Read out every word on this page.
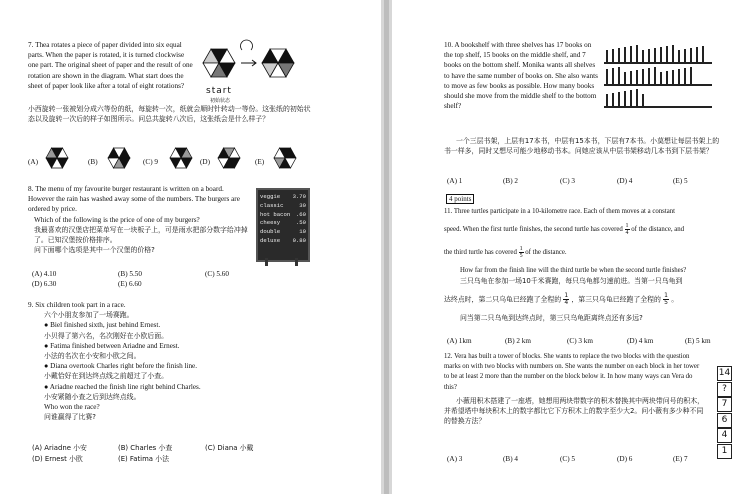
7. Thea rotates a piece of paper divided into six equal parts. When the paper is rotated, it is turned clockwise one part. The original sheet of paper and the result of one rotation are shown in the diagram. What start does the sheet of paper look like after a total of eight rotations?

start
初始状态

小西旋转一张被划分成六等份的纸，每旋转一次，纸就会顺时针转动一等份。这张纸的初始状态以及旋转一次后的样子如图所示。问总共旋转八次后，这张纸会是什么样子？

(A)	(B)	(C) 9	(D)	(E)

8. The menu of my favourite burger restaurant is written on a board. However the rain has washed away some of the numbers. The burgers are ordered by price.

Which of the following is the price of one of my burgers?

我最喜欢的汉堡店把菜单写在一块板子上，可是雨水把部分数字给冲掉了。已知汉堡按价格排序。

问下面哪个选项是其中一个汉堡的价格?

veggie 3.70
classic	30
hot bacon .60
cheesy	.50
double	10
deluxe 0.80
(A) 4.10	(B) 5.50	(C) 5.60
(D) 6.30	(E) 6.60

9. Six children took part in a race.

六个小朋友参加了一场赛跑。

● Biel finished sixth, just behind Ernest.

小贝得了第六名，名次刚好在小欧后面。

● Fatima finished between Ariadne and Ernest.

小法的名次在小安和小欧之间。

● Diana overtook Charles right before the finish line.

小戴恰好在到达终点线之前超过了小查。

● Ariadne reached the finish line right behind Charles.

小安紧随小查之后到达终点线。

Who won the race?

问谁赢得了比赛?

(A) Ariadne 小安	(B) Charles 小查	(C) Diana 小戴
(D) Ernest 小欧	(E) Fatima 小法

10. A bookshelf with three shelves has 17 books on the top shelf, 15 books on the middle shelf, and 7 books on the bottom shelf. Monika wants all shelves to have the same number of books on. She also wants to move as few books as possible. How many books should she move from the middle shelf to the bottom shelf?

一个三层书架，上层有17本书，中层有15本书，下层有7本书。小莫想让每层书架上的书一样多，同时又想尽可能少地移动书本。问她应该从中层书架移动几本书到下层书架？

(A) 1	(B) 2	(C) 3	(D) 4	(E) 5
4 points

11. Three turtles participate in a 10-kilometre race. Each of them moves at a constant

speed. When the first turtle finishes, the second turtle has covered $\frac{1}{4}$ of the distance, and

the third turtle has covered $\frac{1}{5}$ of the distance.

How far from the finish line will the third turtle be when the second turtle finishes?

三只乌龟在参加一场10千米赛跑，每只乌龟都匀速前进。当第一只乌龟到

达终点时，第二只乌龟已经跑了全程的 $\frac{1}{4}$ ，第三只乌龟已经跑了全程的 $\frac{1}{5}$ 。

问当第二只乌龟到达终点时，第三只乌龟距离终点还有多远?

(A) 1km	(B) 2 km	(C) 3 km	(D) 4 km	(E) 5 km

12. Vera has built a tower of blocks. She wants to replace the two blocks with the question marks on with two blocks with numbers on. She wants the number on each block in her tower to be at least 2 more than the number on the block below it. In how many ways can Vera do this?

小薇用积木搭建了一座塔，她想用两块带数字的积木替换其中两块带问号的积木，并希望塔中每块积木上的数字都比它下方积木上的数字至少大2。问小薇有多少种不同的替换方法？

14
?
7
6
4
1
(A) 3	(B) 4	(C) 5	(D) 6	(E) 7
